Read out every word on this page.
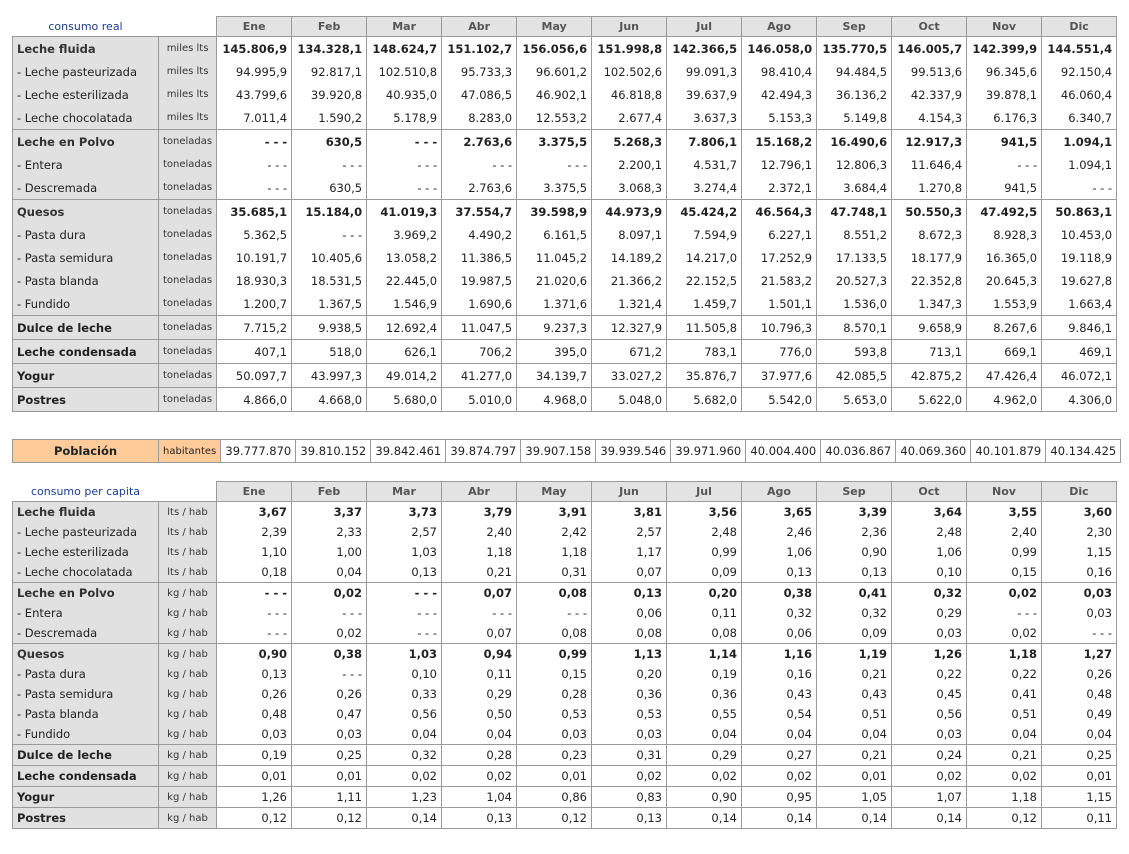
consumo real		Ene	Feb	Mar	Abr	May	Jun	Jul	Ago	Sep	Oct	Nov	Dic
Leche fluida	miles lts	145.806,9	134.328,1	148.624,7	151.102,7	156.056,6	151.998,8	142.366,5	146.058,0	135.770,5	146.005,7	142.399,9	144.551,4
- Leche pasteurizada	miles lts	94.995,9	92.817,1	102.510,8	95.733,3	96.601,2	102.502,6	99.091,3	98.410,4	94.484,5	99.513,6	96.345,6	92.150,4
- Leche esterilizada	miles lts	43.799,6	39.920,8	40.935,0	47.086,5	46.902,1	46.818,8	39.637,9	42.494,3	36.136,2	42.337,9	39.878,1	46.060,4
- Leche chocolatada	miles lts	7.011,4	1.590,2	5.178,9	8.283,0	12.553,2	2.677,4	3.637,3	5.153,3	5.149,8	4.154,3	6.176,3	6.340,7
Leche en Polvo	toneladas	- - -	630,5	- - -	2.763,6	3.375,5	5.268,3	7.806,1	15.168,2	16.490,6	12.917,3	941,5	1.094,1
- Entera	toneladas	- - -	- - -	- - -	- - -	- - -	2.200,1	4.531,7	12.796,1	12.806,3	11.646,4	- - -	1.094,1
- Descremada	toneladas	- - -	630,5	- - -	2.763,6	3.375,5	3.068,3	3.274,4	2.372,1	3.684,4	1.270,8	941,5	- - -
Quesos	toneladas	35.685,1	15.184,0	41.019,3	37.554,7	39.598,9	44.973,9	45.424,2	46.564,3	47.748,1	50.550,3	47.492,5	50.863,1
- Pasta dura	toneladas	5.362,5	- - -	3.969,2	4.490,2	6.161,5	8.097,1	7.594,9	6.227,1	8.551,2	8.672,3	8.928,3	10.453,0
- Pasta semidura	toneladas	10.191,7	10.405,6	13.058,2	11.386,5	11.045,2	14.189,2	14.217,0	17.252,9	17.133,5	18.177,9	16.365,0	19.118,9
- Pasta blanda	toneladas	18.930,3	18.531,5	22.445,0	19.987,5	21.020,6	21.366,2	22.152,5	21.583,2	20.527,3	22.352,8	20.645,3	19.627,8
- Fundido	toneladas	1.200,7	1.367,5	1.546,9	1.690,6	1.371,6	1.321,4	1.459,7	1.501,1	1.536,0	1.347,3	1.553,9	1.663,4
Dulce de leche	toneladas	7.715,2	9.938,5	12.692,4	11.047,5	9.237,3	12.327,9	11.505,8	10.796,3	8.570,1	9.658,9	8.267,6	9.846,1
Leche condensada	toneladas	407,1	518,0	626,1	706,2	395,0	671,2	783,1	776,0	593,8	713,1	669,1	469,1
Yogur	toneladas	50.097,7	43.997,3	49.014,2	41.277,0	34.139,7	33.027,2	35.876,7	37.977,6	42.085,5	42.875,2	47.426,4	46.072,1
Postres	toneladas	4.866,0	4.668,0	5.680,0	5.010,0	4.968,0	5.048,0	5.682,0	5.542,0	5.653,0	5.622,0	4.962,0	4.306,0
Población	habitantes	39.777.870	39.810.152	39.842.461	39.874.797	39.907.158	39.939.546	39.971.960	40.004.400	40.036.867	40.069.360	40.101.879	40.134.425
consumo per capita		Ene	Feb	Mar	Abr	May	Jun	Jul	Ago	Sep	Oct	Nov	Dic
Leche fluida	lts / hab	3,67	3,37	3,73	3,79	3,91	3,81	3,56	3,65	3,39	3,64	3,55	3,60
- Leche pasteurizada	lts / hab	2,39	2,33	2,57	2,40	2,42	2,57	2,48	2,46	2,36	2,48	2,40	2,30
- Leche esterilizada	lts / hab	1,10	1,00	1,03	1,18	1,18	1,17	0,99	1,06	0,90	1,06	0,99	1,15
- Leche chocolatada	lts / hab	0,18	0,04	0,13	0,21	0,31	0,07	0,09	0,13	0,13	0,10	0,15	0,16
Leche en Polvo	kg / hab	- - -	0,02	- - -	0,07	0,08	0,13	0,20	0,38	0,41	0,32	0,02	0,03
- Entera	kg / hab	- - -	- - -	- - -	- - -	- - -	0,06	0,11	0,32	0,32	0,29	- - -	0,03
- Descremada	kg / hab	- - -	0,02	- - -	0,07	0,08	0,08	0,08	0,06	0,09	0,03	0,02	- - -
Quesos	kg / hab	0,90	0,38	1,03	0,94	0,99	1,13	1,14	1,16	1,19	1,26	1,18	1,27
- Pasta dura	kg / hab	0,13	- - -	0,10	0,11	0,15	0,20	0,19	0,16	0,21	0,22	0,22	0,26
- Pasta semidura	kg / hab	0,26	0,26	0,33	0,29	0,28	0,36	0,36	0,43	0,43	0,45	0,41	0,48
- Pasta blanda	kg / hab	0,48	0,47	0,56	0,50	0,53	0,53	0,55	0,54	0,51	0,56	0,51	0,49
- Fundido	kg / hab	0,03	0,03	0,04	0,04	0,03	0,03	0,04	0,04	0,04	0,03	0,04	0,04
Dulce de leche	kg / hab	0,19	0,25	0,32	0,28	0,23	0,31	0,29	0,27	0,21	0,24	0,21	0,25
Leche condensada	kg / hab	0,01	0,01	0,02	0,02	0,01	0,02	0,02	0,02	0,01	0,02	0,02	0,01
Yogur	kg / hab	1,26	1,11	1,23	1,04	0,86	0,83	0,90	0,95	1,05	1,07	1,18	1,15
Postres	kg / hab	0,12	0,12	0,14	0,13	0,12	0,13	0,14	0,14	0,14	0,14	0,12	0,11
